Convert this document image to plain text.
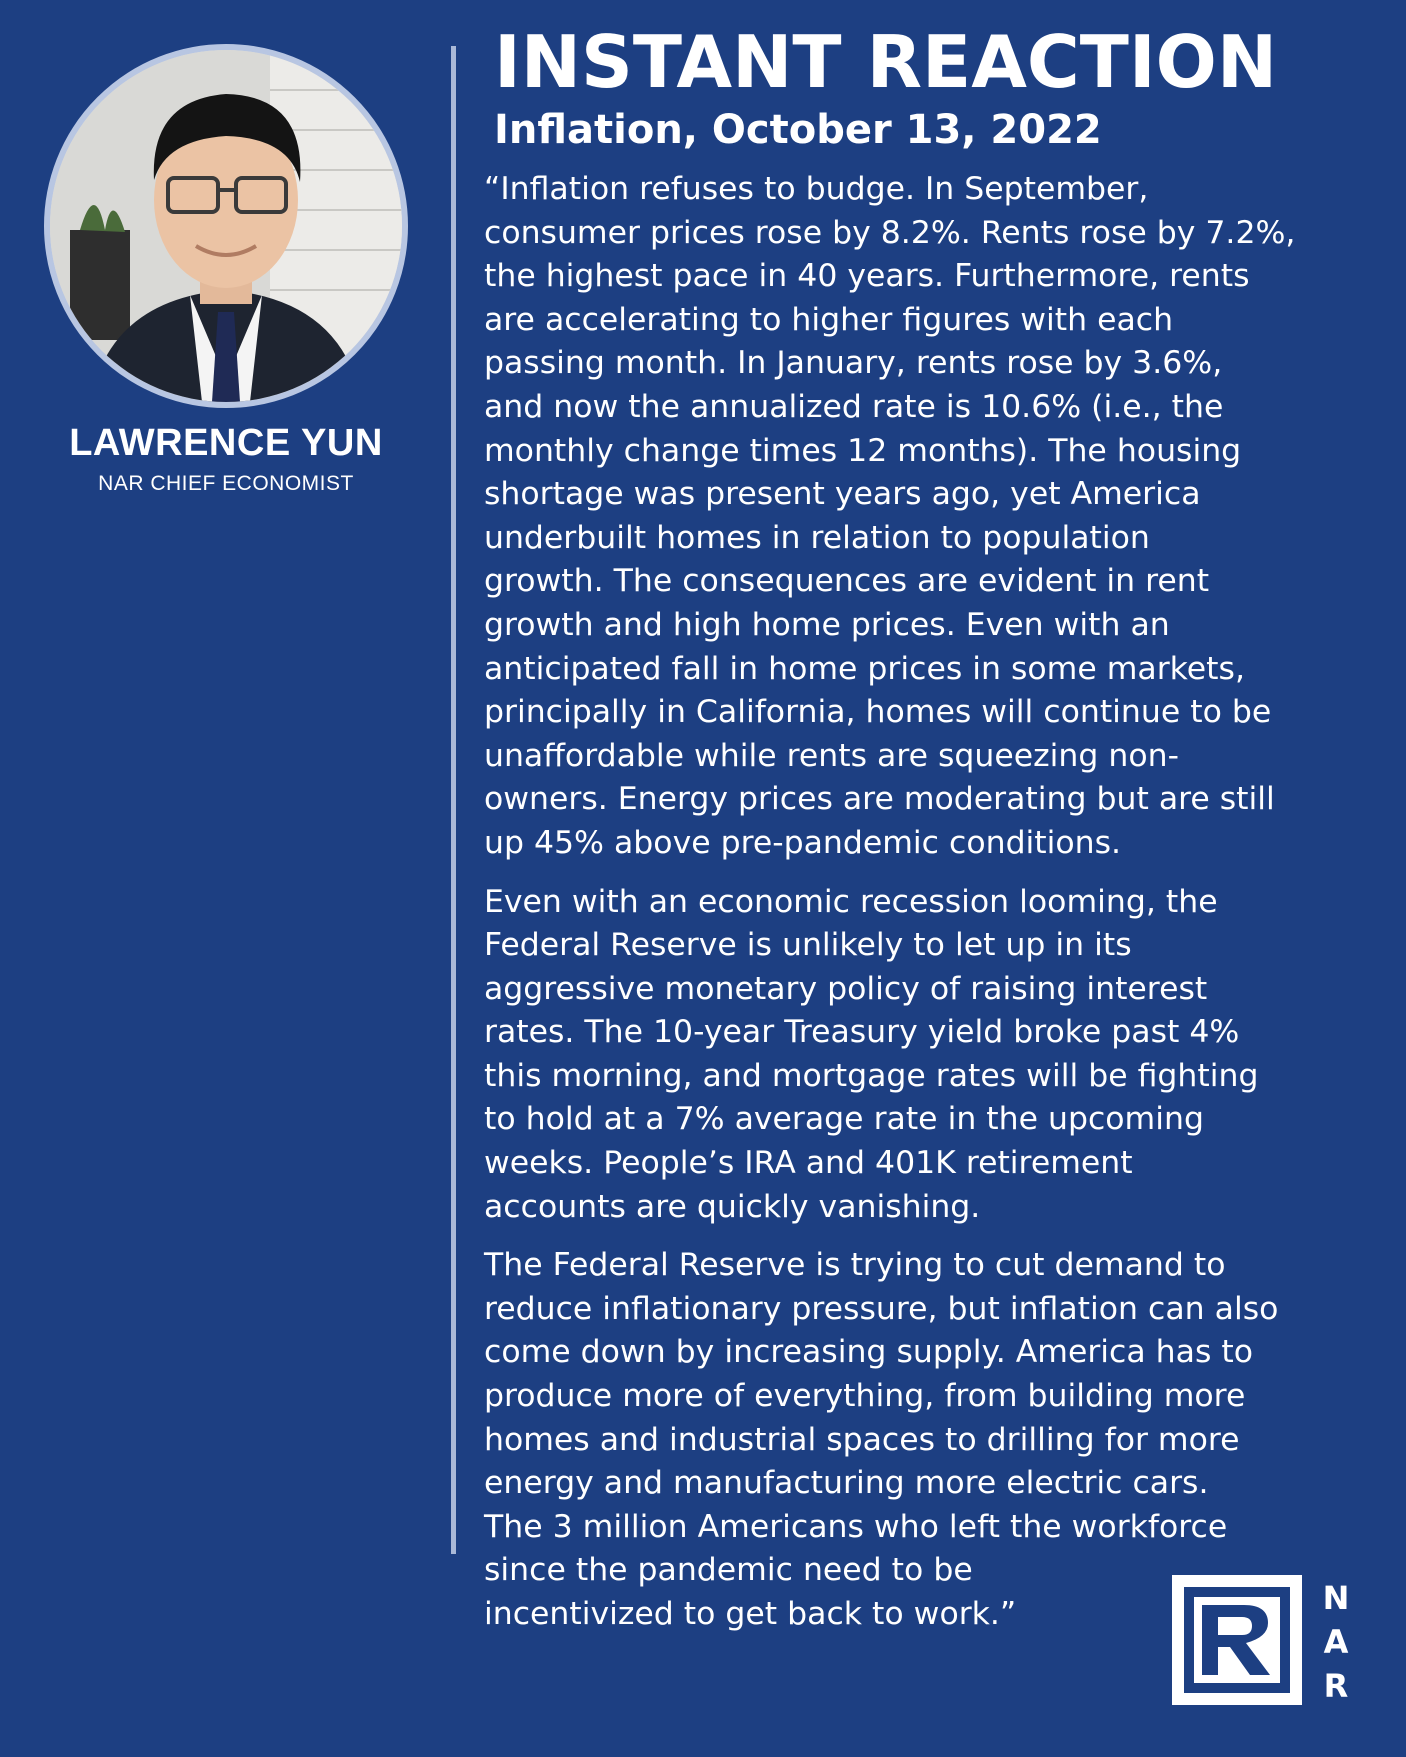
LAWRENCE YUN
NAR CHIEF ECONOMIST
INSTANT REACTION
Inflation, October 13, 2022

“Inflation refuses to budge. In September,
consumer prices rose by 8.2%. Rents rose by 7.2%,
the highest pace in 40 years. Furthermore, rents
are accelerating to higher figures with each
passing month. In January, rents rose by 3.6%,
and now the annualized rate is 10.6% (i.e., the
monthly change times 12 months). The housing
shortage was present years ago, yet America
underbuilt homes in relation to population
growth. The consequences are evident in rent
growth and high home prices. Even with an
anticipated fall in home prices in some markets,
principally in California, homes will continue to be
unaffordable while rents are squeezing non-
owners. Energy prices are moderating but are still
up 45% above pre-pandemic conditions.

Even with an economic recession looming, the
Federal Reserve is unlikely to let up in its
aggressive monetary policy of raising interest
rates. The 10-year Treasury yield broke past 4%
this morning, and mortgage rates will be fighting
to hold at a 7% average rate in the upcoming
weeks. People’s IRA and 401K retirement
accounts are quickly vanishing.

The Federal Reserve is trying to cut demand to
reduce inflationary pressure, but inflation can also
come down by increasing supply. America has to
produce more of everything, from building more
homes and industrial spaces to drilling for more
energy and manufacturing more electric cars.
The 3 million Americans who left the workforce
since the pandemic need to be
incentivized to get back to work.”	N
A
R
